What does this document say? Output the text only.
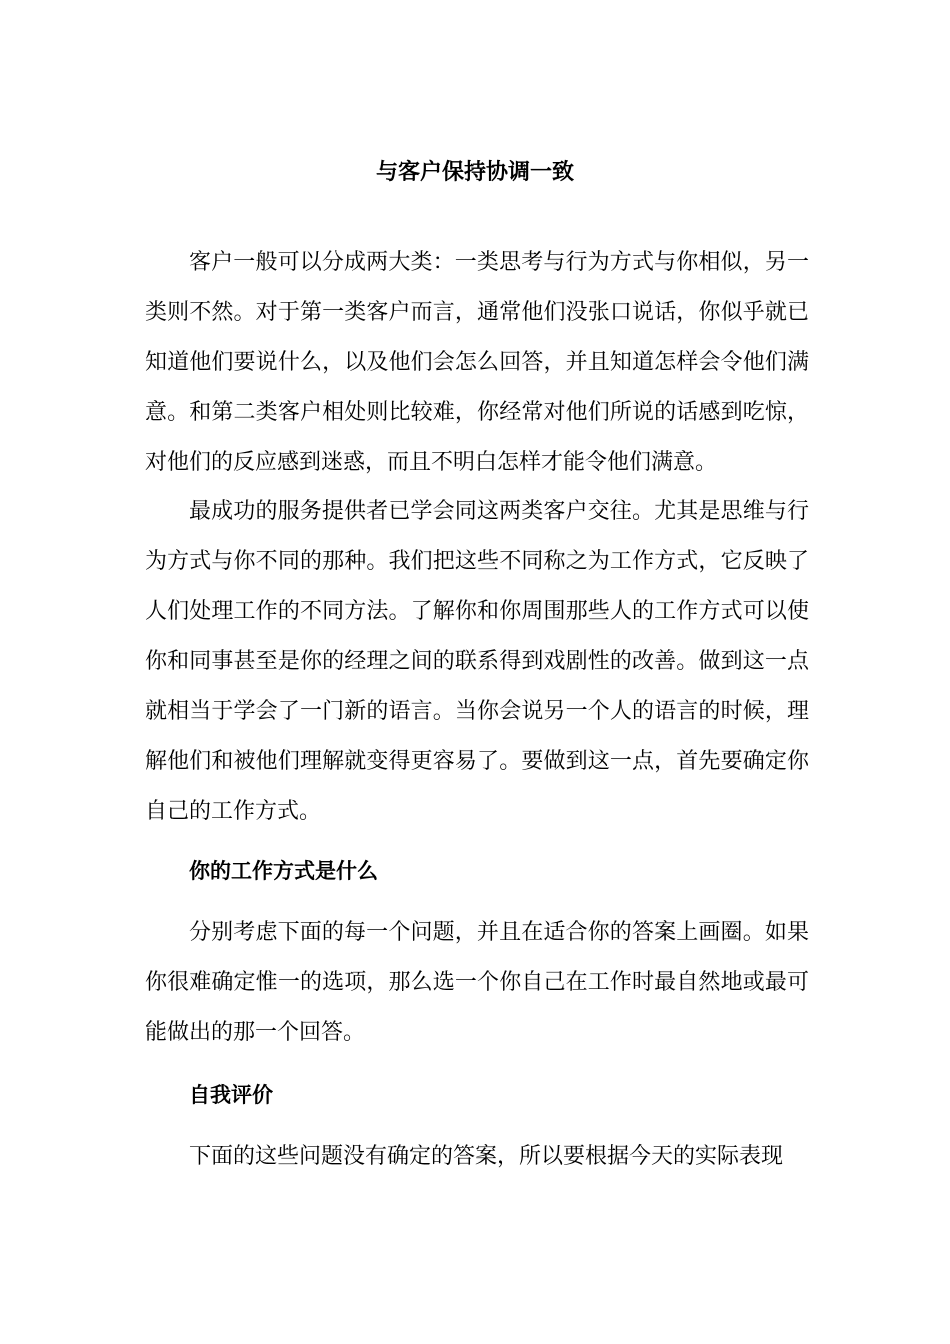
与客户保持协调一致

客户一般可以分成两大类：一类思考与行为方式与你相似，另一类则不然。对于第一类客户而言，通常他们没张口说话，你似乎就已知道他们要说什么，以及他们会怎么回答，并且知道怎样会令他们满意。和第二类客户相处则比较难，你经常对他们所说的话感到吃惊，对他们的反应感到迷惑，而且不明白怎样才能令他们满意。

最成功的服务提供者已学会同这两类客户交往。尤其是思维与行为方式与你不同的那种。我们把这些不同称之为工作方式，它反映了人们处理工作的不同方法。了解你和你周围那些人的工作方式可以使你和同事甚至是你的经理之间的联系得到戏剧性的改善。做到这一点就相当于学会了一门新的语言。当你会说另一个人的语言的时候，理解他们和被他们理解就变得更容易了。要做到这一点，首先要确定你自己的工作方式。

你的工作方式是什么

分别考虑下面的每一个问题，并且在适合你的答案上画圈。如果你很难确定惟一的选项，那么选一个你自己在工作时最自然地或最可能做出的那一个回答。

自我评价

下面的这些问题没有确定的答案，所以要根据今天的实际表现
